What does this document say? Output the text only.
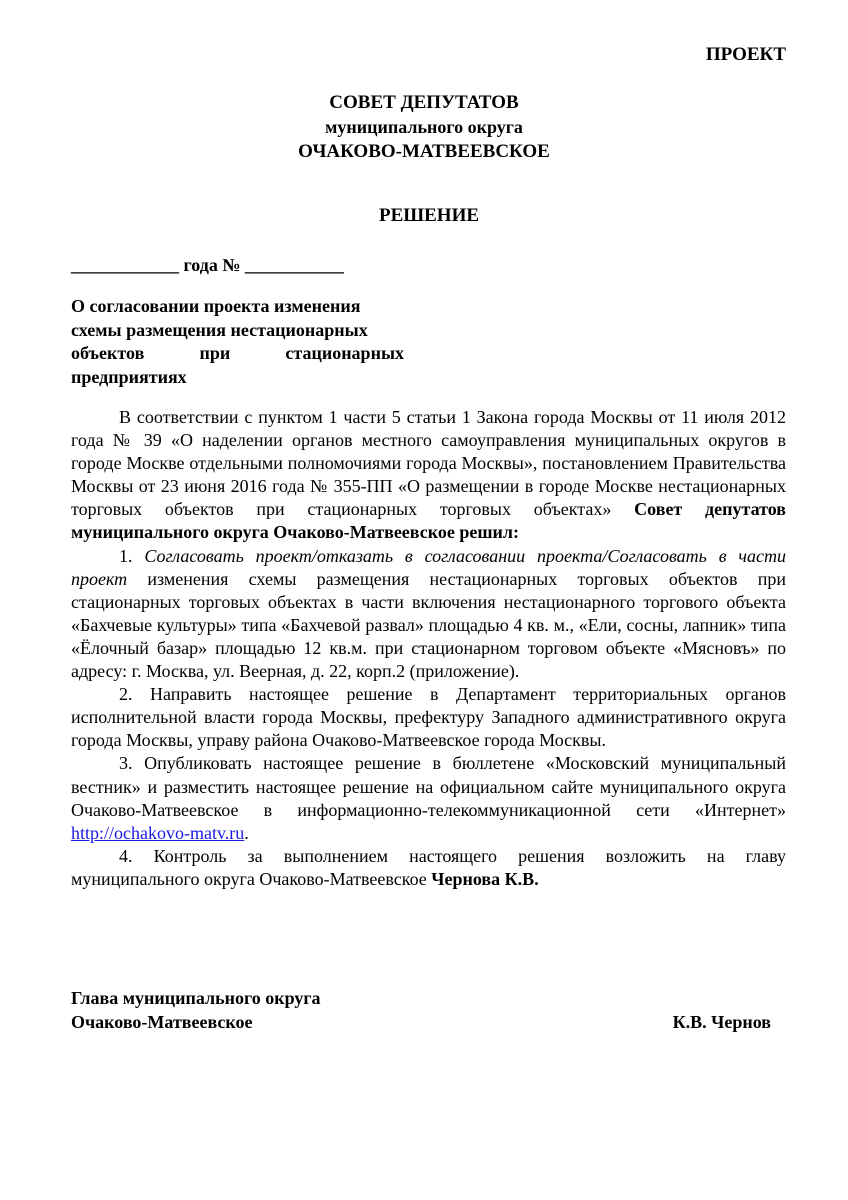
ПРОЕКТ
СОВЕТ ДЕПУТАТОВ
муниципального округа
ОЧАКОВО-МАТВЕЕВСКОЕ
РЕШЕНИЕ
____________ года № ___________
О согласовании проекта изменения
схемы размещения нестационарных
объектов при стационарных
предприятиях

В соответствии с пунктом 1 части 5 статьи 1 Закона города Москвы от 11 июля 2012 года № 39 «О наделении органов местного самоуправления муниципальных округов в городе Москве отдельными полномочиями города Москвы», постановлением Правительства Москвы от 23 июня 2016 года № 355-ПП «О размещении в городе Москве нестационарных торговых объектов при стационарных торговых объектах» Совет депутатов муниципального округа Очаково-Матвеевское решил:

1. Согласовать проект/отказать в согласовании проекта/Согласовать в части проект изменения схемы размещения нестационарных торговых объектов при стационарных торговых объектах в части включения нестационарного торгового объекта «Бахчевые культуры» типа «Бахчевой развал» площадью 4 кв. м., «Ели, сосны, лапник» типа «Ёлочный базар» площадью 12 кв.м. при стационарном торговом объекте «Мясновъ» по адресу: г. Москва, ул. Веерная, д. 22, корп.2 (приложение).

2. Направить настоящее решение в Департамент территориальных органов исполнительной власти города Москвы, префектуру Западного административного округа города Москвы, управу района Очаково-Матвеевское города Москвы.

3. Опубликовать настоящее решение в бюллетене «Московский муниципальный вестник» и разместить настоящее решение на официальном сайте муниципального округа Очаково-Матвеевское в информационно-телекоммуникационной сети «Интернет» http://ochakovo-matv.ru.

4. Контроль за выполнением настоящего решения возложить на главу муниципального округа Очаково-Матвеевское Чернова К.В.

Глава муниципального округа
Очаково-Матвеевское	К.В. Чернов
